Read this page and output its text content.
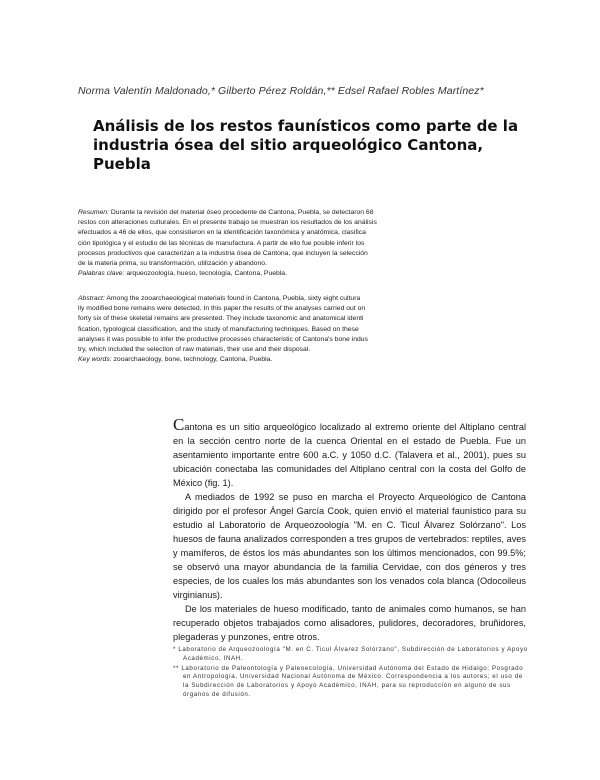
Norma Valentín Maldonado,* Gilberto Pérez Roldán,** Edsel Rafael Robles Martínez*
Análisis de los restos faunísticos como parte de la
industria ósea del sitio arqueológico Cantona, Puebla

Resumen: Durante la revisión del material óseo procedente de Cantona, Puebla, se detectaron 68
restos con alteraciones culturales. En el presente trabajo se muestran los resultados de los análisis
efectuados a 46 de ellos, que consistieron en la identificación taxonómica y anatómica, clasifica
ción tipológica y el estudio de las técnicas de manufactura. A partir de ello fue posible inferir los
procesos productivos que caracterizan a la industria ósea de Cantona, que incluyen la selección
de la materia prima, su transformación, utilización y abandono.
Palabras clave: arqueozoología, hueso, tecnología, Cantona, Puebla.

Abstract: Among the zooarchaeological materials found in Cantona, Puebla, sixty eight cultura
lly modified bone remains were detected. In this paper the results of the analyses carried out on
forty six of these skeletal remains are presented. They include taxonomic and anatomical identi
fication, typological classification, and the study of manufacturing techniques. Based on these
analyses it was possible to infer the productive processes characteristic of Cantona's bone indus
try, which included the selection of raw materials, their use and their disposal.
Key words: zooarchaeology, bone, technology, Cantona, Puebla.

Cantona es un sitio arqueológico localizado al extremo oriente del Altiplano central en la sección centro norte de la cuenca Oriental en el estado de Puebla. Fue un asentamiento importante entre 600 a.C. y 1050 d.C. (Talavera et al., 2001), pues su ubicación conectaba las comunidades del Altiplano central con la costa del Golfo de México (fig. 1).

A mediados de 1992 se puso en marcha el Proyecto Arqueológico de Cantona dirigido por el profesor Ángel García Cook, quien envió el material faunístico para su estudio al Laboratorio de Arqueozoología "M. en C. Ticul Álvarez Solórzano". Los huesos de fauna analizados corresponden a tres grupos de vertebrados: reptiles, aves y mamíferos, de éstos los más abundantes son los últimos mencionados, con 99.5%; se observó una mayor abundancia de la familia Cervidae, con dos géneros y tres especies, de los cuales los más abundantes son los venados cola blanca (Odocoileus virginianus).

De los materiales de hueso modificado, tanto de animales como humanos, se han recuperado objetos trabajados como alisadores, pulidores, decoradores, bruñidores, plegaderas y punzones, entre otros.

* Laboratorio de Arqueozoología "M. en C. Ticul Álvarez Solórzano", Subdirección de Laboratorios y Apoyo Académico, INAH.

** Laboratorio de Paleontología y Paleoecología, Universidad Autónoma del Estado de Hidalgo; Posgrado en Antropología, Universidad Nacional Autónoma de México. Correspondencia a los autores; el uso de la Subdirección de Laboratorios y Apoyo Académico, INAH, para su reproducción en alguno de sus órganos de difusión.
